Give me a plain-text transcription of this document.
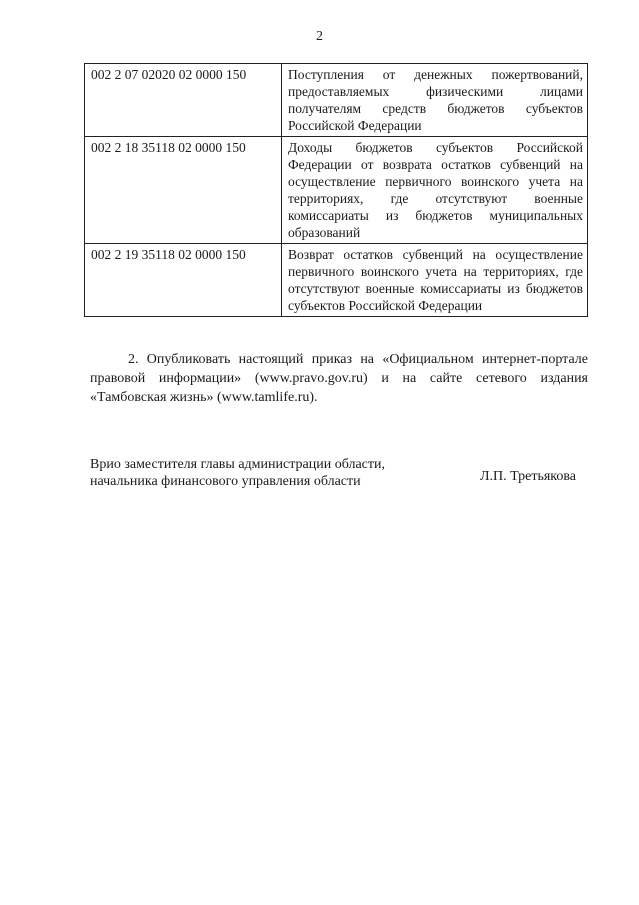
2
002 2 07 02020 02 0000 150	Поступления от денежных пожертвований, предоставляемых физическими лицами получателям средств бюджетов субъектов Российской Федерации
002 2 18 35118 02 0000 150	Доходы бюджетов субъектов Российской Федерации от возврата остатков субвенций на осуществление первичного воинского учета на территориях, где отсутствуют военные комиссариаты из бюджетов муниципальных образований
002 2 19 35118 02 0000 150	Возврат остатков субвенций на осуществление первичного воинского учета на территориях, где отсутствуют военные комиссариаты из бюджетов субъектов Российской Федерации

2. Опубликовать настоящий приказ на «Официальном интернет-портале правовой информации» (www.pravo.gov.ru) и на сайте сетевого издания «Тамбовская жизнь» (www.tamlife.ru).

Врио заместителя главы администрации области,
начальника финансового управления области	Л.П. Третьякова
